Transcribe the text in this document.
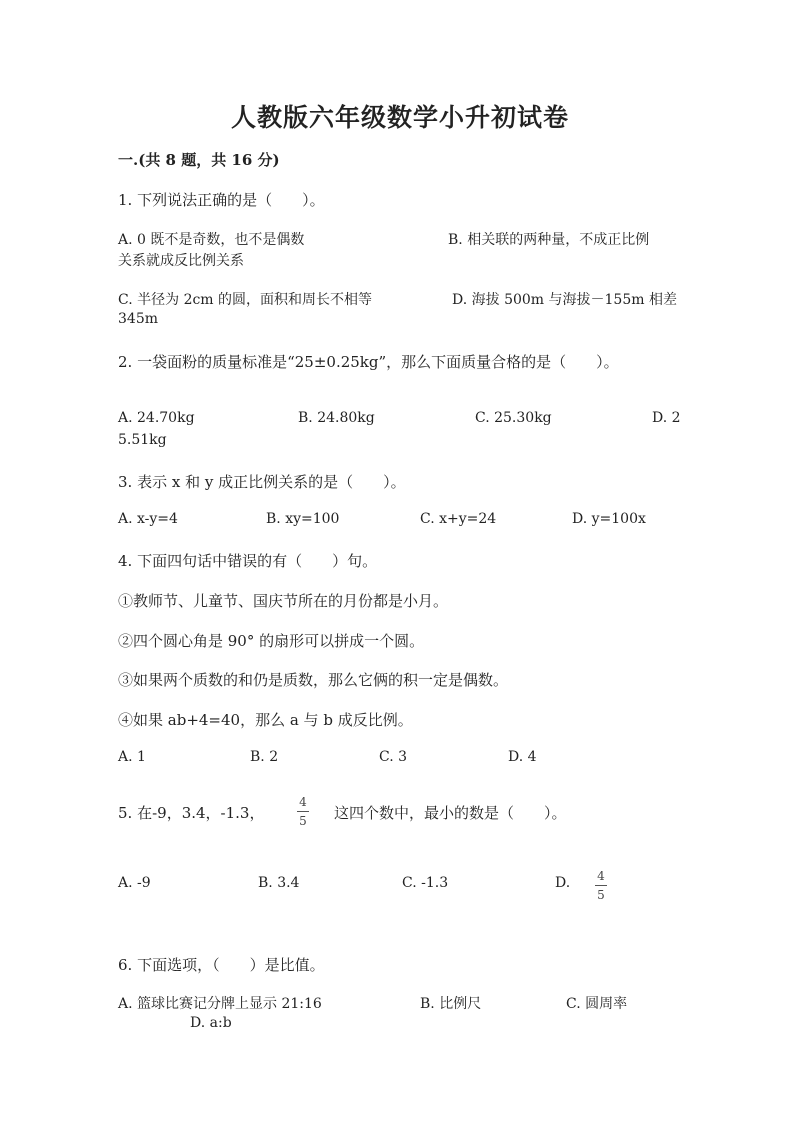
人教版六年级数学小升初试卷
一.(共 8 题，共 16 分)
1. 下列说法正确的是（　　）。
A. 0 既不是奇数，也不是偶数	B. 相关联的两种量，不成正比例
关系就成反比例关系
C. 半径为 2cm 的圆，面积和周长不相等	D. 海拔 500m 与海拔－155m 相差
345m
2. 一袋面粉的质量标准是“25±0.25kg”，那么下面质量合格的是（　　）。
A. 24.70kg	B. 24.80kg	C. 25.30kg	D. 2
5.51kg
3. 表示 x 和 y 成正比例关系的是（　　）。
A. x-y=4	B. xy=100	C. x+y=24	D. y=100x
4. 下面四句话中错误的有（　　）句。
①教师节、儿童节、国庆节所在的月份都是小月。
②四个圆心角是 90° 的扇形可以拼成一个圆。
③如果两个质数的和仍是质数，那么它俩的积一定是偶数。
④如果 ab+4=40，那么 a 与 b 成反比例。
A. 1	B. 2	C. 3	D. 4
5. 在-9，3.4，-1.3，
4
5 这四个数中，最小的数是（　　）。
A. -9	B. 3.4	C. -1.3	D. 4
5
6. 下面选项，（　　）是比值。
A. 篮球比赛记分牌上显示 21:16	B. 比例尺	C. 圆周率
D. a:b
